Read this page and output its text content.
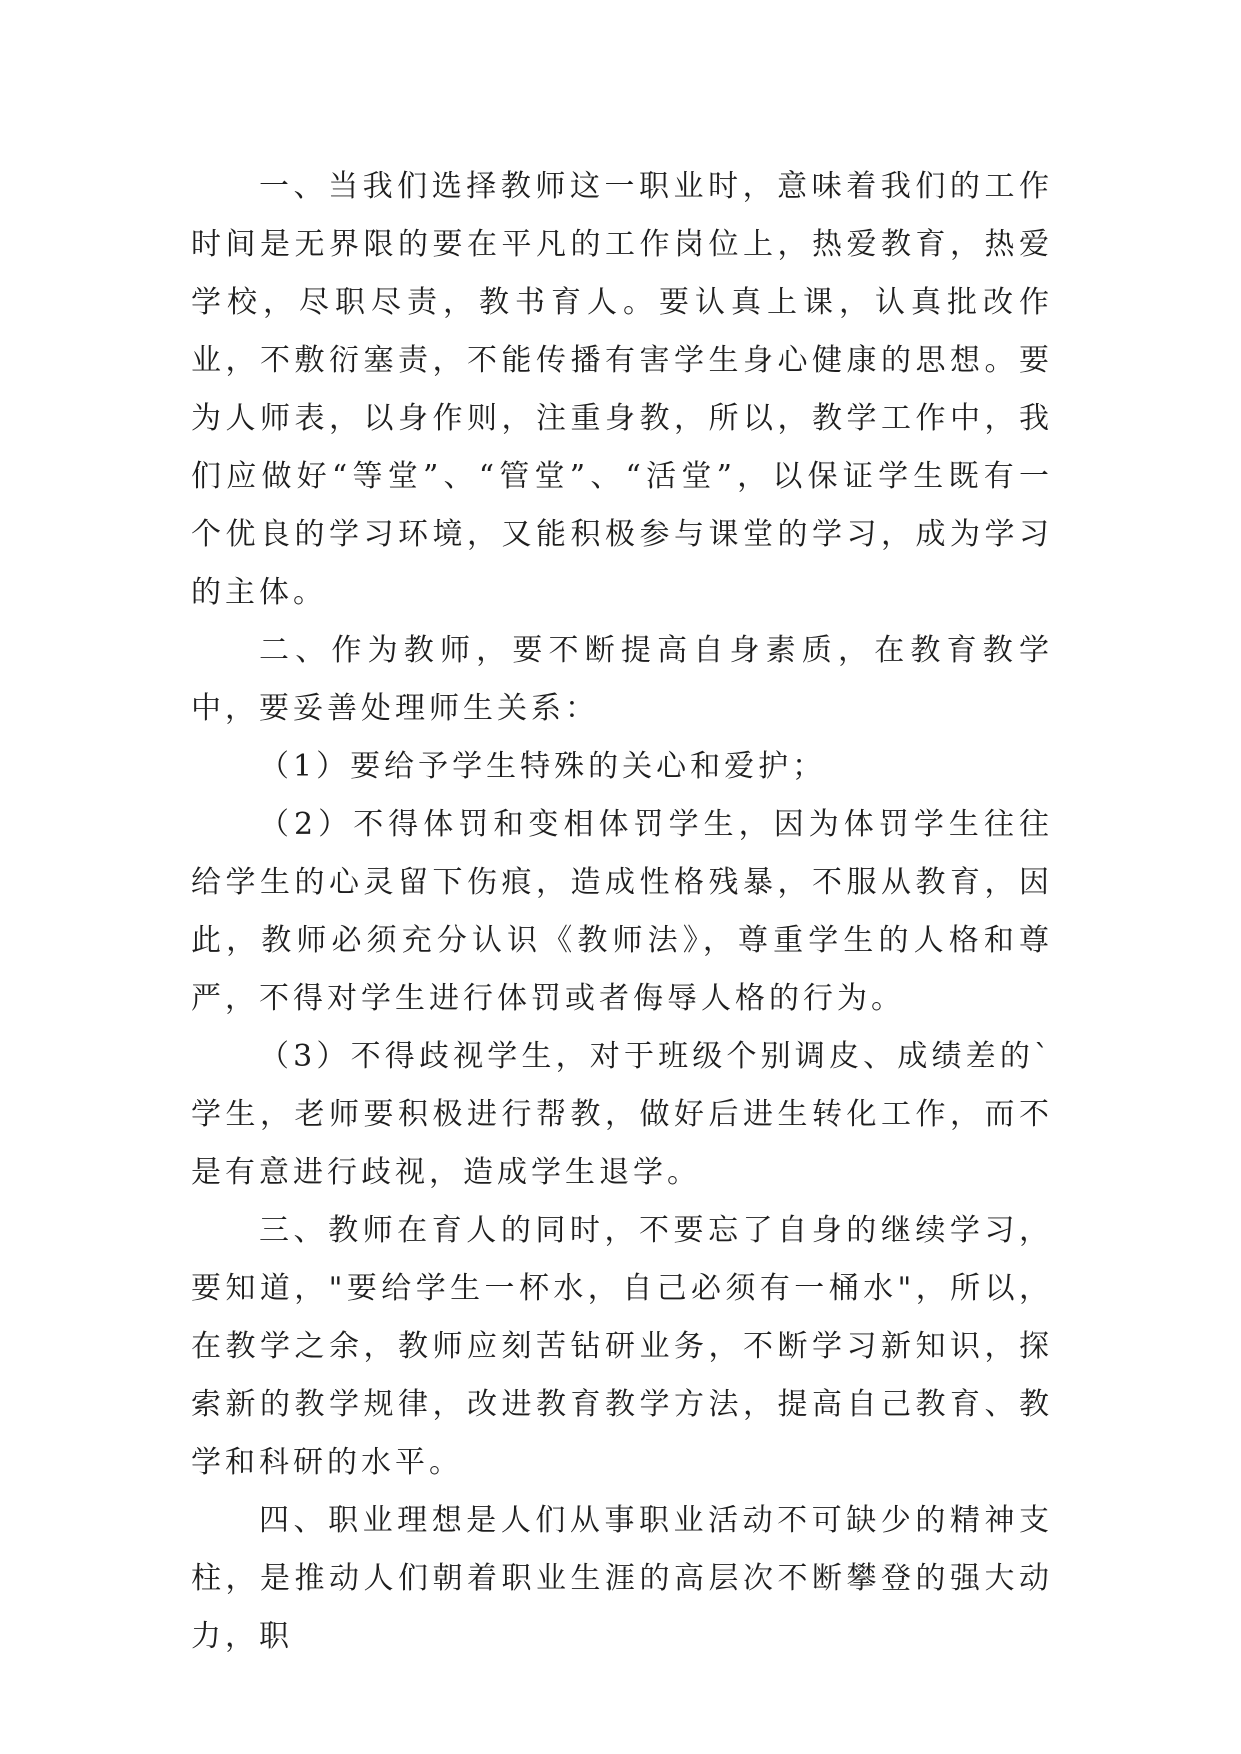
一、当我们选择教师这一职业时，意味着我们的工作时间是无界限的要在平凡的工作岗位上，热爱教育，热爱学校，尽职尽责，教书育人。要认真上课，认真批改作业，不敷衍塞责，不能传播有害学生身心健康的思想。要为人师表，以身作则，注重身教，所以，教学工作中，我们应做好“等堂”、“管堂”、“活堂”，以保证学生既有一个优良的学习环境，又能积极参与课堂的学习，成为学习的主体。

二、作为教师，要不断提高自身素质，在教育教学中，要妥善处理师生关系：

（1）要给予学生特殊的关心和爱护；

（2）不得体罚和变相体罚学生，因为体罚学生往往给学生的心灵留下伤痕，造成性格残暴，不服从教育，因此，教师必须充分认识《教师法》，尊重学生的人格和尊严，不得对学生进行体罚或者侮辱人格的行为。

（3）不得歧视学生，对于班级个别调皮、成绩差的`学生，老师要积极进行帮教，做好后进生转化工作，而不是有意进行歧视，造成学生退学。

三、教师在育人的同时，不要忘了自身的继续学习，要知道，"要给学生一杯水，自己必须有一桶水"，所以，在教学之余，教师应刻苦钻研业务，不断学习新知识，探索新的教学规律，改进教育教学方法，提高自己教育、教学和科研的水平。

四、职业理想是人们从事职业活动不可缺少的精神支柱，是推动人们朝着职业生涯的高层次不断攀登的强大动力，职
